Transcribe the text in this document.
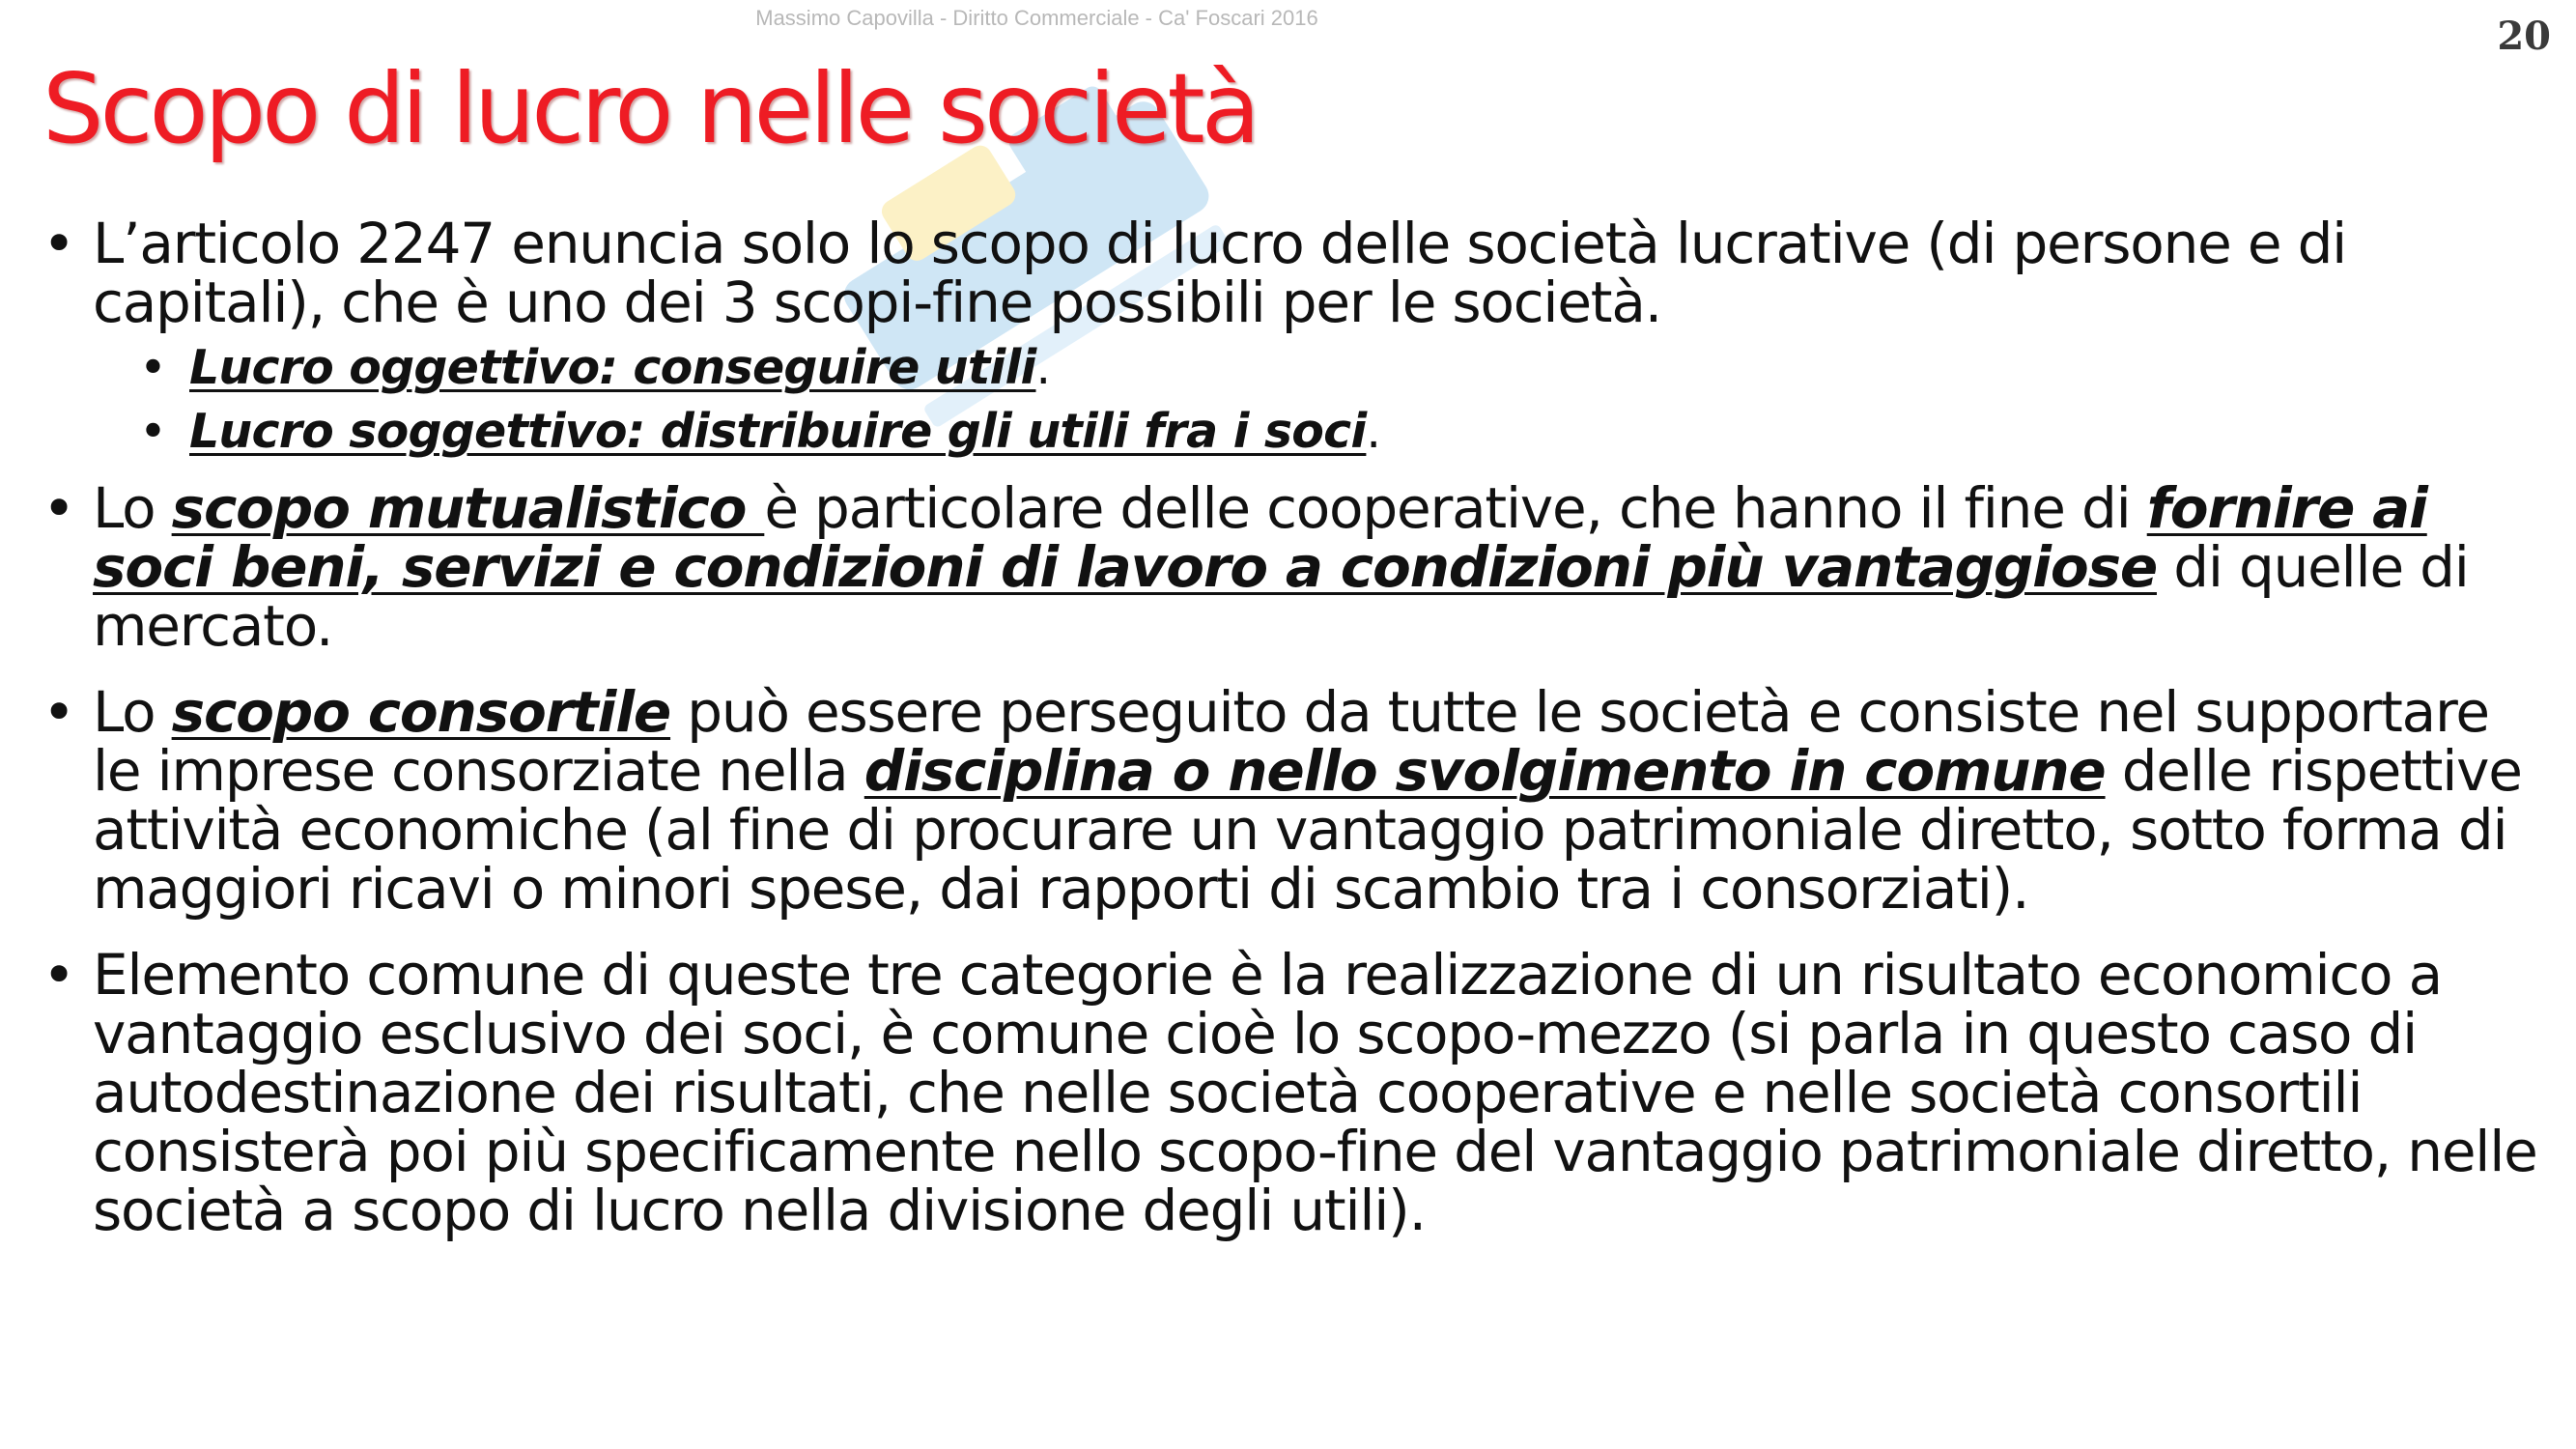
Massimo Capovilla - Diritto Commerciale - Ca' Foscari 2016	20
Scopo di lucro nelle società

• L’articolo 2247 enuncia solo lo scopo di lucro delle società lucrative (di persone e di capitali), che è uno dei 3 scopi-fine possibili per le società.

• Lucro oggettivo: conseguire utili.

• Lucro soggettivo: distribuire gli utili fra i soci.

• Lo scopo mutualistico è particolare delle cooperative, che hanno il fine di fornire ai soci beni, servizi e condizioni di lavoro a condizioni più vantaggiose di quelle di mercato.

• Lo scopo consortile può essere perseguito da tutte le società e consiste nel supportare le imprese consorziate nella disciplina o nello svolgimento in comune delle rispettive attività economiche (al fine di procurare un vantaggio patrimoniale diretto, sotto forma di maggiori ricavi o minori spese, dai rapporti di scambio tra i consorziati).

• Elemento comune di queste tre categorie è la realizzazione di un risultato economico a vantaggio esclusivo dei soci, è comune cioè lo scopo-mezzo (si parla in questo caso di autodestinazione dei risultati, che nelle società cooperative e nelle società consortili consisterà poi più specificamente nello scopo-fine del vantaggio patrimoniale diretto, nelle società a scopo di lucro nella divisione degli utili).
